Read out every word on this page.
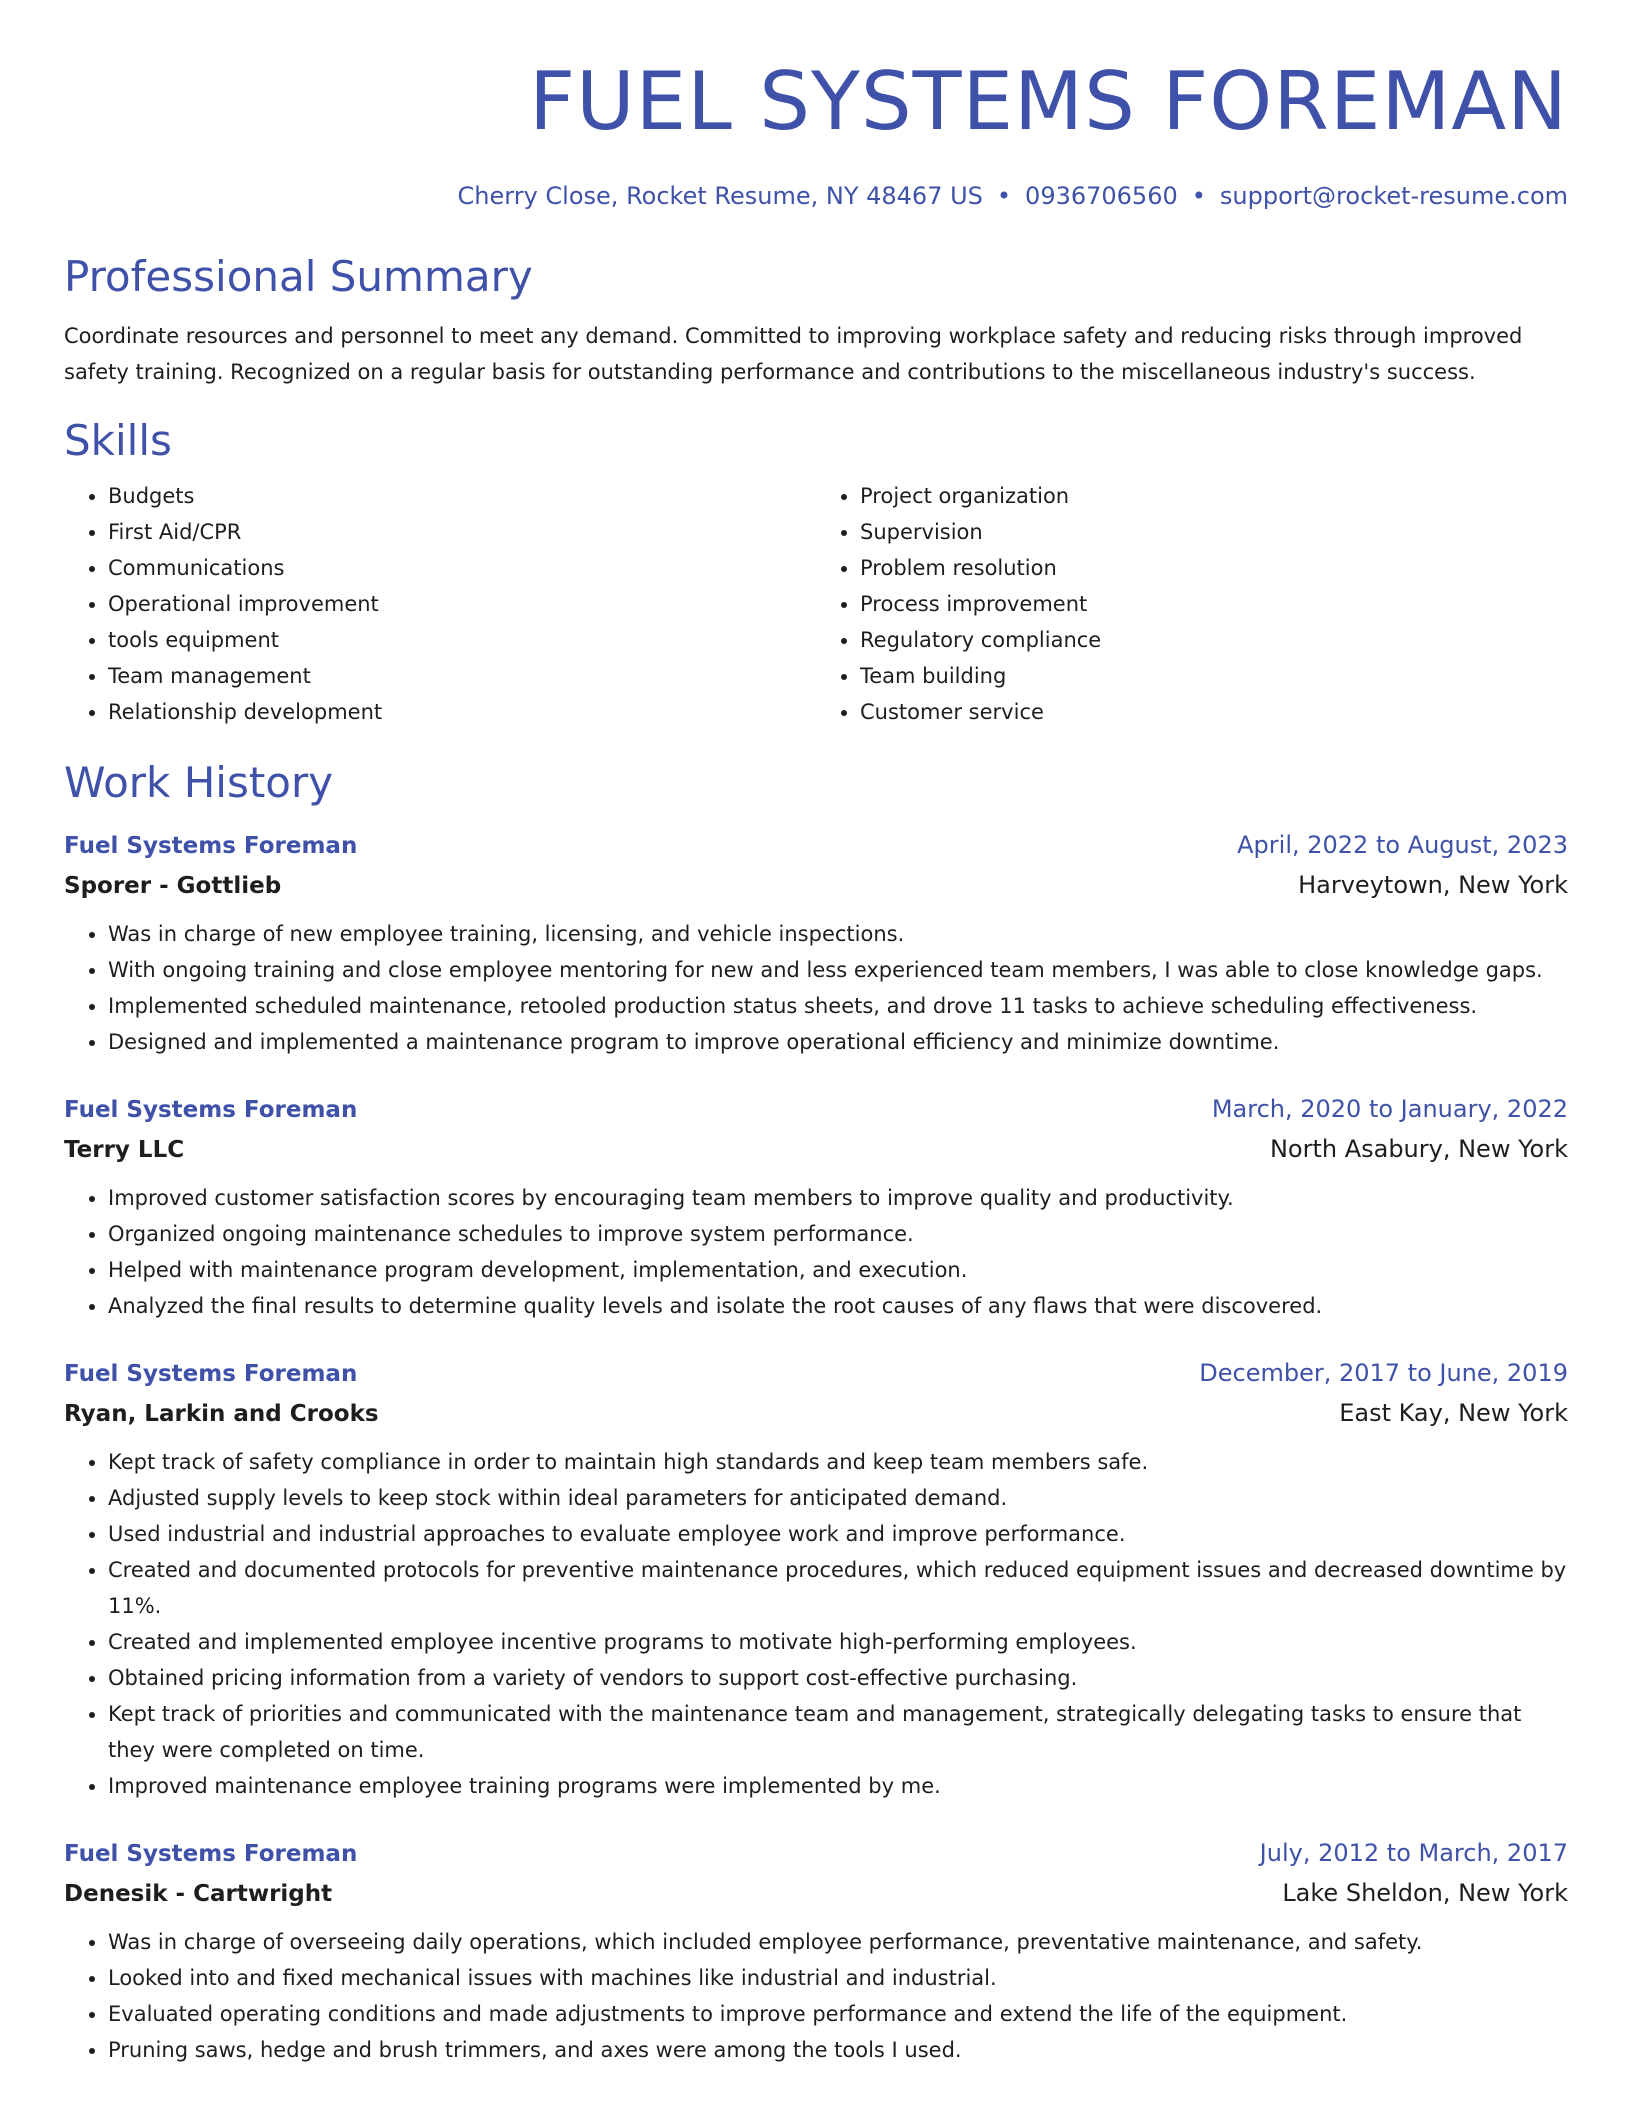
FUEL SYSTEMS FOREMAN
Cherry Close, Rocket Resume, NY 48467 US • 0936706560 • support@rocket-resume.com
Professional Summary
Coordinate resources and personnel to meet any demand. Committed to improving workplace safety and reducing risks through improved safety training. Recognized on a regular basis for outstanding performance and contributions to the miscellaneous industry's success.
Skills
• Budgets
• First Aid/CPR
• Communications
• Operational improvement
• tools equipment
• Team management
• Relationship development
• Project organization
• Supervision
• Problem resolution
• Process improvement
• Regulatory compliance
• Team building
• Customer service
Work History
Fuel Systems Foreman	April, 2022 to August, 2023
Sporer - Gottlieb	Harveytown, New York
• Was in charge of new employee training, licensing, and vehicle inspections.
• With ongoing training and close employee mentoring for new and less experienced team members, I was able to close knowledge gaps.
• Implemented scheduled maintenance, retooled production status sheets, and drove 11 tasks to achieve scheduling effectiveness.
• Designed and implemented a maintenance program to improve operational efficiency and minimize downtime.
Fuel Systems Foreman	March, 2020 to January, 2022
Terry LLC	North Asabury, New York
• Improved customer satisfaction scores by encouraging team members to improve quality and productivity.
• Organized ongoing maintenance schedules to improve system performance.
• Helped with maintenance program development, implementation, and execution.
• Analyzed the final results to determine quality levels and isolate the root causes of any flaws that were discovered.
Fuel Systems Foreman	December, 2017 to June, 2019
Ryan, Larkin and Crooks	East Kay, New York
• Kept track of safety compliance in order to maintain high standards and keep team members safe.
• Adjusted supply levels to keep stock within ideal parameters for anticipated demand.
• Used industrial and industrial approaches to evaluate employee work and improve performance.
• Created and documented protocols for preventive maintenance procedures, which reduced equipment issues and decreased downtime by 11%.
• Created and implemented employee incentive programs to motivate high-performing employees.
• Obtained pricing information from a variety of vendors to support cost-effective purchasing.
• Kept track of priorities and communicated with the maintenance team and management, strategically delegating tasks to ensure that they were completed on time.
• Improved maintenance employee training programs were implemented by me.
Fuel Systems Foreman	July, 2012 to March, 2017
Denesik - Cartwright	Lake Sheldon, New York
• Was in charge of overseeing daily operations, which included employee performance, preventative maintenance, and safety.
• Looked into and fixed mechanical issues with machines like industrial and industrial.
• Evaluated operating conditions and made adjustments to improve performance and extend the life of the equipment.
• Pruning saws, hedge and brush trimmers, and axes were among the tools I used.
